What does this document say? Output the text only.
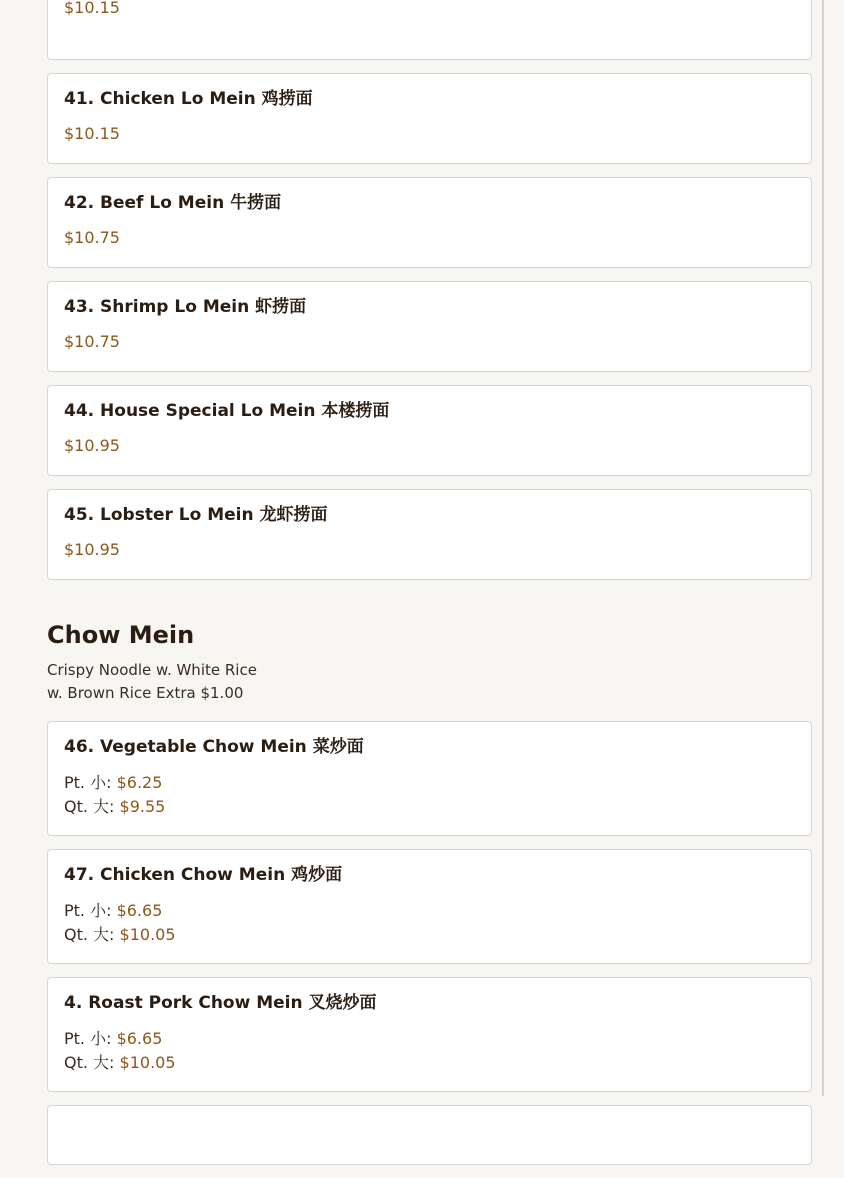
$10.15
41. Chicken Lo Mein 鸡捞面
$10.15
42. Beef Lo Mein 牛捞面
$10.75
43. Shrimp Lo Mein 虾捞面
$10.75
44. House Special Lo Mein 本楼捞面
$10.95
45. Lobster Lo Mein 龙虾捞面
$10.95
Chow Mein

Crispy Noodle w. White Rice

w. Brown Rice Extra $1.00

46. Vegetable Chow Mein 菜炒面
Pt. 小: $6.25
Qt. 大: $9.55
47. Chicken Chow Mein 鸡炒面
Pt. 小: $6.65
Qt. 大: $10.05
4. Roast Pork Chow Mein 叉烧炒面
Pt. 小: $6.65
Qt. 大: $10.05
